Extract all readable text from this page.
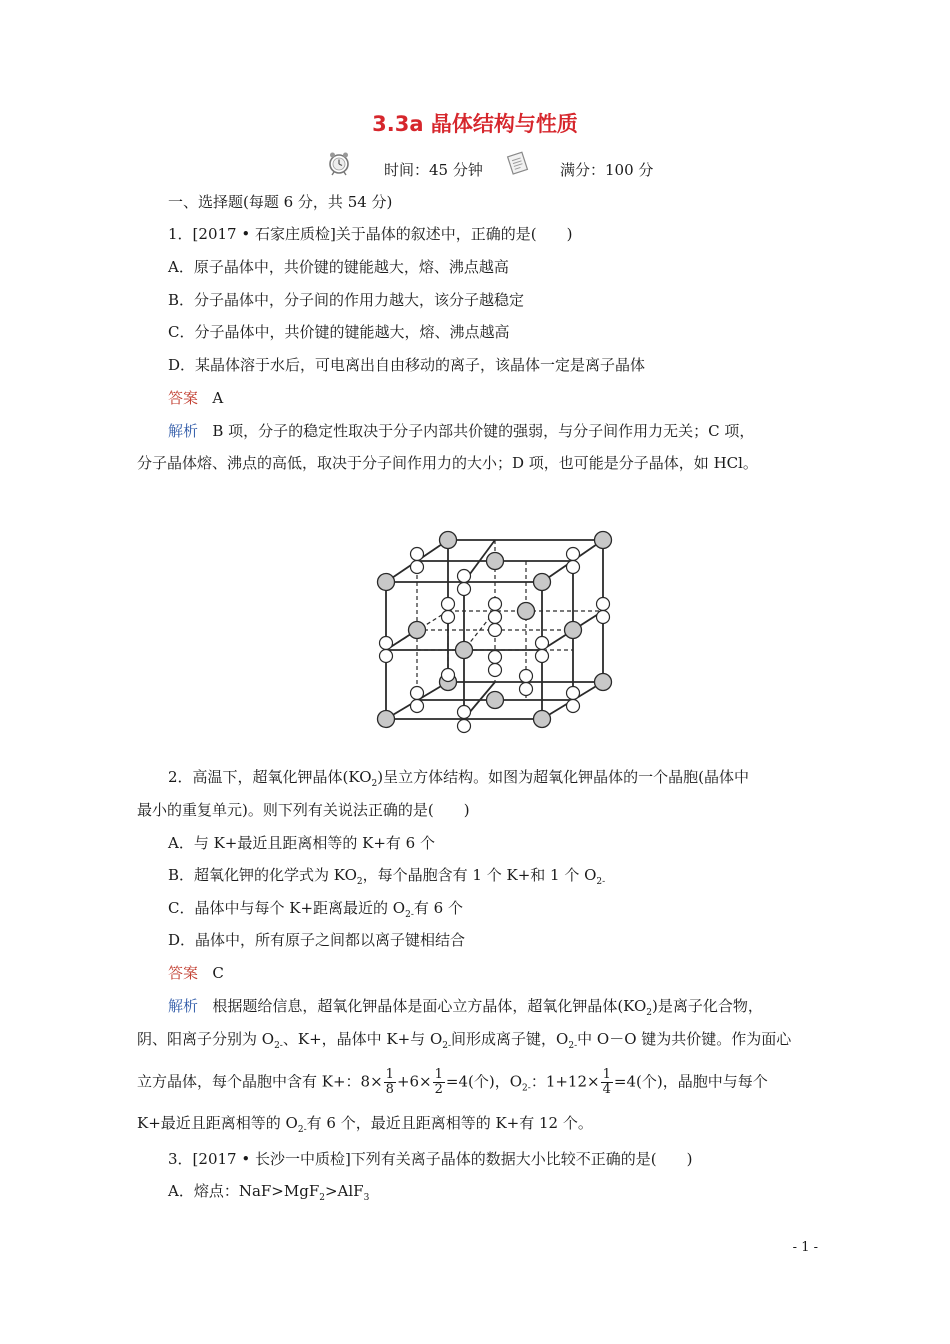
3.3a 晶体结构与性质
时间：45 分钟	满分：100 分
一、选择题(每题 6 分，共 54 分)
1．[2017 • 石家庄质检]关于晶体的叙述中，正确的是(　　)
A．原子晶体中，共价键的键能越大，熔、沸点越高
B．分子晶体中，分子间的作用力越大，该分子越稳定
C．分子晶体中，共价键的键能越大，熔、沸点越高
D．某晶体溶于水后，可电离出自由移动的离子，该晶体一定是离子晶体
答案 A
解析 B 项，分子的稳定性取决于分子内部共价键的强弱，与分子间作用力无关；C 项，
分子晶体熔、沸点的高低，取决于分子间作用力的大小；D 项，也可能是分子晶体，如 HCl。
2．高温下，超氧化钾晶体$(KO_2)$呈立方体结构。如图为超氧化钾晶体的一个晶胞(晶体中
最小的重复单元)。则下列有关说法正确的是(　　)
A．与 K+最近且距离相等的 K+有 6 个
B．超氧化钾的化学式为 $KO_2$，每个晶胞含有 1 个 K+和 1 个 $O_{2-}$
C．晶体中与每个 K+距离最近的 $O_{2-}$有 6 个
D．晶体中，所有原子之间都以离子键相结合
答案 C
解析 根据题给信息，超氧化钾晶体是面心立方晶体，超氧化钾晶体$(KO_2)$是离子化合物，
阴、阳离子分别为 $O_{2-}$、K+，晶体中 K+与 $O_{2-}$间形成离子键，$O_{2-}$中 O－O 键为共价键。作为面心
立方晶体，每个晶胞中含有 K+：$8\times \frac{1}{8} +6\times \frac{1}{2} =4$(个)，$O_{2-}$：$1+12\times \frac{1}{4} =4$(个)，晶胞中与每个
K+最近且距离相等的 $O_{2-}$有 6 个，最近且距离相等的 K+有 12 个。
3．[2017 • 长沙一中质检]下列有关离子晶体的数据大小比较不正确的是(　　)
A．熔点：NaF>MgF$_2$>AlF$_3$
- 1 -
